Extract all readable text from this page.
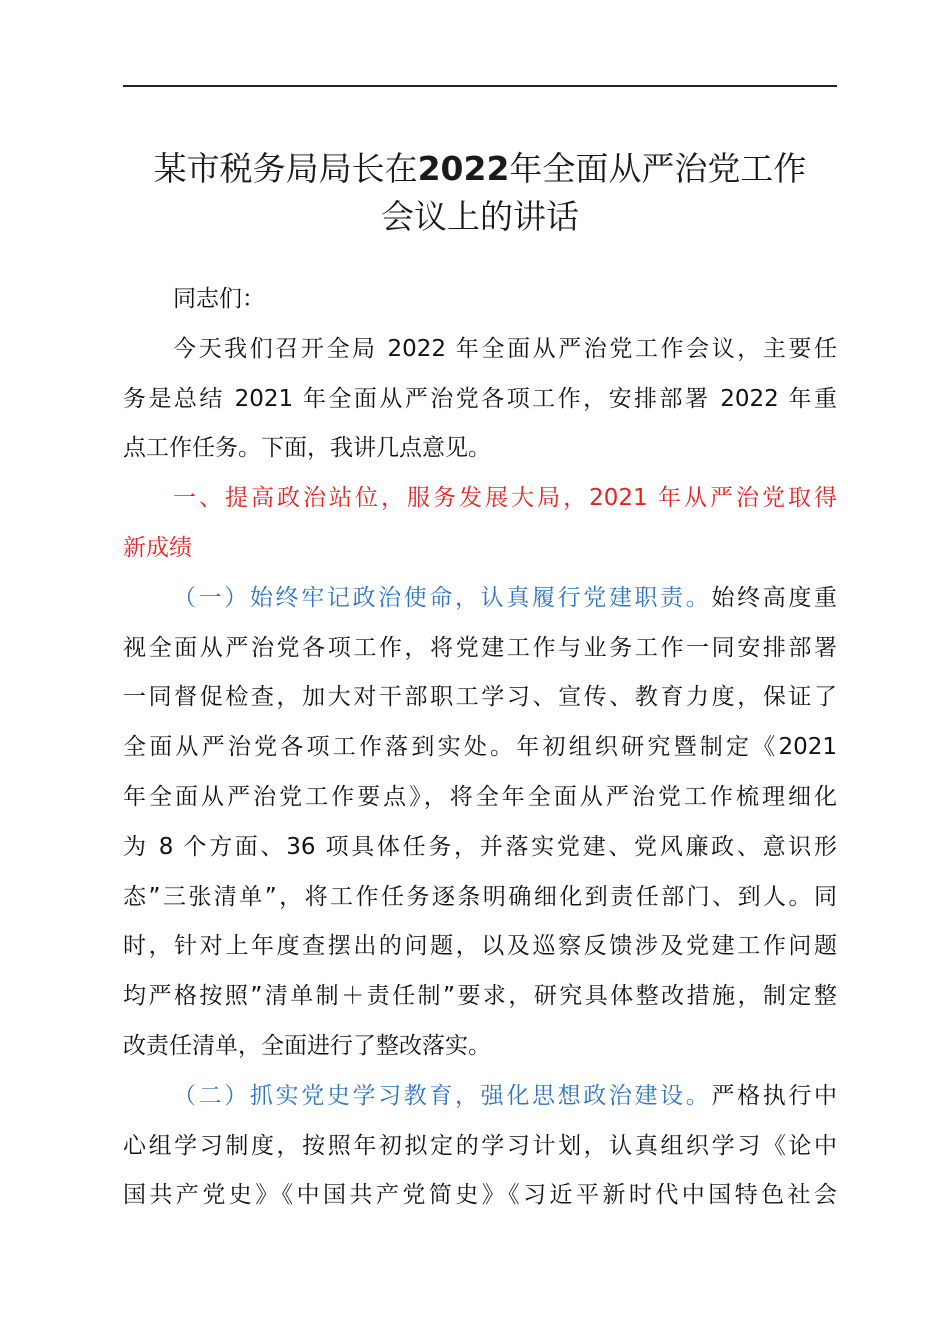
某市税务局局长在2022年全面从严治党工作
会议上的讲话

同志们：

今天我们召开全局 2022 年全面从严治党工作会议，主要任
务是总结 2021 年全面从严治党各项工作，安排部署 2022 年重
点工作任务。下面，我讲几点意见。

一、提高政治站位，服务发展大局，2021 年从严治党取得
新成绩

（一）始终牢记政治使命，认真履行党建职责。始终高度重
视全面从严治党各项工作，将党建工作与业务工作一同安排部署
一同督促检查，加大对干部职工学习、宣传、教育力度，保证了
全面从严治党各项工作落到实处。年初组织研究暨制定《2021
年全面从严治党工作要点》，将全年全面从严治党工作梳理细化
为 8 个方面、36 项具体任务，并落实党建、党风廉政、意识形
态”三张清单”，将工作任务逐条明确细化到责任部门、到人。同
时，针对上年度查摆出的问题，以及巡察反馈涉及党建工作问题
均严格按照”清单制＋责任制”要求，研究具体整改措施，制定整
改责任清单，全面进行了整改落实。

（二）抓实党史学习教育，强化思想政治建设。严格执行中
心组学习制度，按照年初拟定的学习计划，认真组织学习《论中
国共产党史》《中国共产党简史》《习近平新时代中国特色社会
